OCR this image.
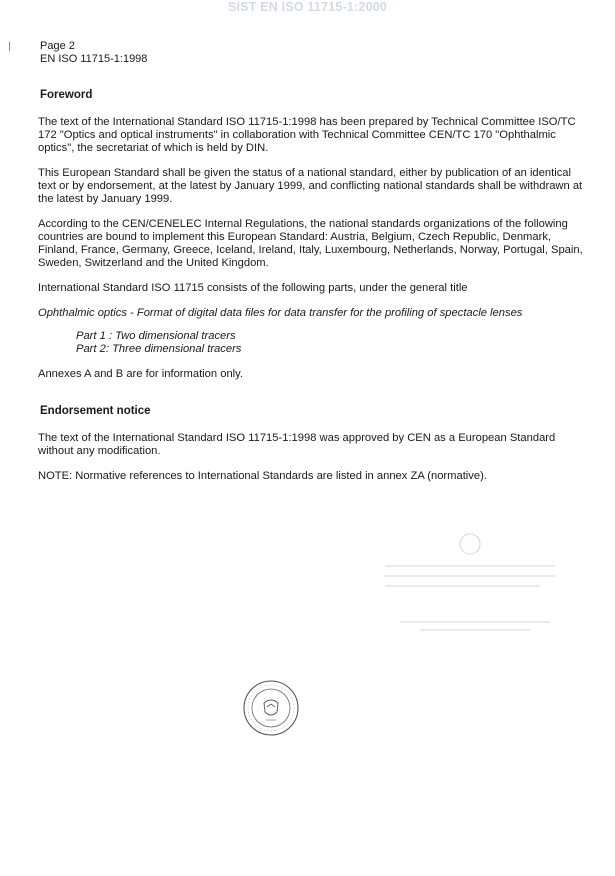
SIST EN ISO 11715-1:2000
Page 2
EN ISO 11715-1:1998
Foreword

The text of the International Standard ISO 11715-1:1998 has been prepared by Technical Committee ISO/TC 172 "Optics and optical instruments" in collaboration with Technical Committee CEN/TC 170 "Ophthalmic optics", the secretariat of which is held by DIN.

This European Standard shall be given the status of a national standard, either by publication of an identical text or by endorsement, at the latest by January 1999, and conflicting national standards shall be withdrawn at the latest by January 1999.

According to the CEN/CENELEC Internal Regulations, the national standards organizations of the following countries are bound to implement this European Standard: Austria, Belgium, Czech Republic, Denmark, Finland, France, Germany, Greece, Iceland, Ireland, Italy, Luxembourg, Netherlands, Norway, Portugal, Spain, Sweden, Switzerland and the United Kingdom.

International Standard ISO 11715 consists of the following parts, under the general title

Ophthalmic optics - Format of digital data files for data transfer for the profiling of spectacle lenses
Part 1 : Two dimensional tracers
Part 2: Three dimensional tracers

Annexes A and B are for information only.

Endorsement notice

The text of the International Standard ISO 11715-1:1998 was approved by CEN as a European Standard without any modification.

NOTE: Normative references to International Standards are listed in annex ZA (normative).
